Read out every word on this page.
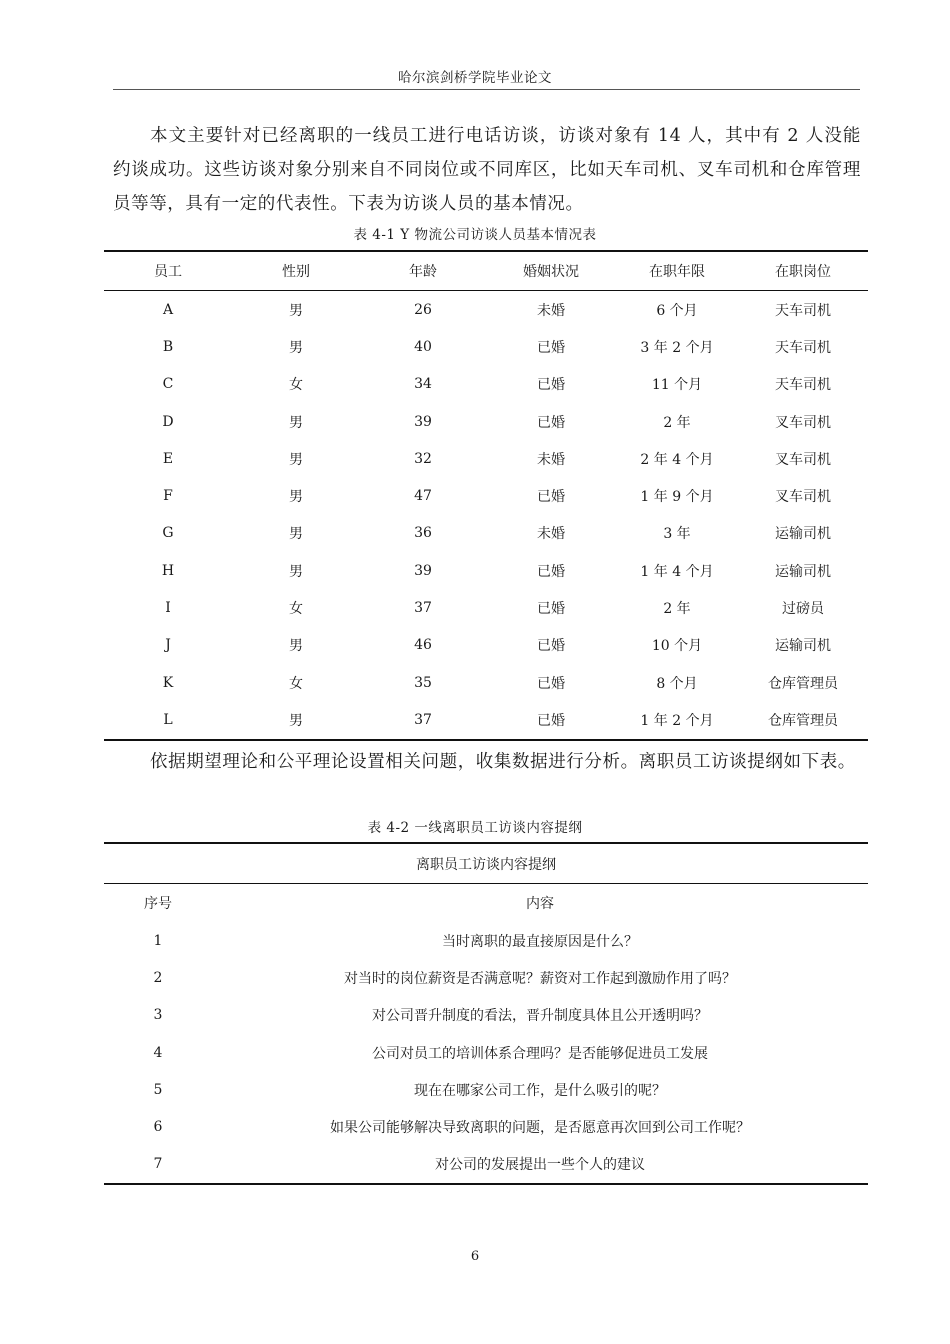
哈尔滨剑桥学院毕业论文
本文主要针对已经离职的一线员工进行电话访谈，访谈对象有 14 人，其中有 2 人没能约谈成功。这些访谈对象分别来自不同岗位或不同库区，比如天车司机、叉车司机和仓库管理员等等，具有一定的代表性。下表为访谈人员的基本情况。
表 4-1 Y 物流公司访谈人员基本情况表
员工	性别	年龄	婚姻状况	在职年限	在职岗位
A	男	26	未婚	6 个月	天车司机
B	男	40	已婚	3 年 2 个月	天车司机
C	女	34	已婚	11 个月	天车司机
D	男	39	已婚	2 年	叉车司机
E	男	32	未婚	2 年 4 个月	叉车司机
F	男	47	已婚	1 年 9 个月	叉车司机
G	男	36	未婚	3 年	运输司机
H	男	39	已婚	1 年 4 个月	运输司机
I	女	37	已婚	2 年	过磅员
J	男	46	已婚	10 个月	运输司机
K	女	35	已婚	8 个月	仓库管理员
L	男	37	已婚	1 年 2 个月	仓库管理员
依据期望理论和公平理论设置相关问题，收集数据进行分析。离职员工访谈提纲如下表。
表 4-2 一线离职员工访谈内容提纲
离职员工访谈内容提纲	
序号	内容
1	当时离职的最直接原因是什么？
2	对当时的岗位薪资是否满意呢？薪资对工作起到激励作用了吗？
3	对公司晋升制度的看法，晋升制度具体且公开透明吗？
4	公司对员工的培训体系合理吗？是否能够促进员工发展
5	现在在哪家公司工作，是什么吸引的呢？
6	如果公司能够解决导致离职的问题，是否愿意再次回到公司工作呢？
7	对公司的发展提出一些个人的建议
6
